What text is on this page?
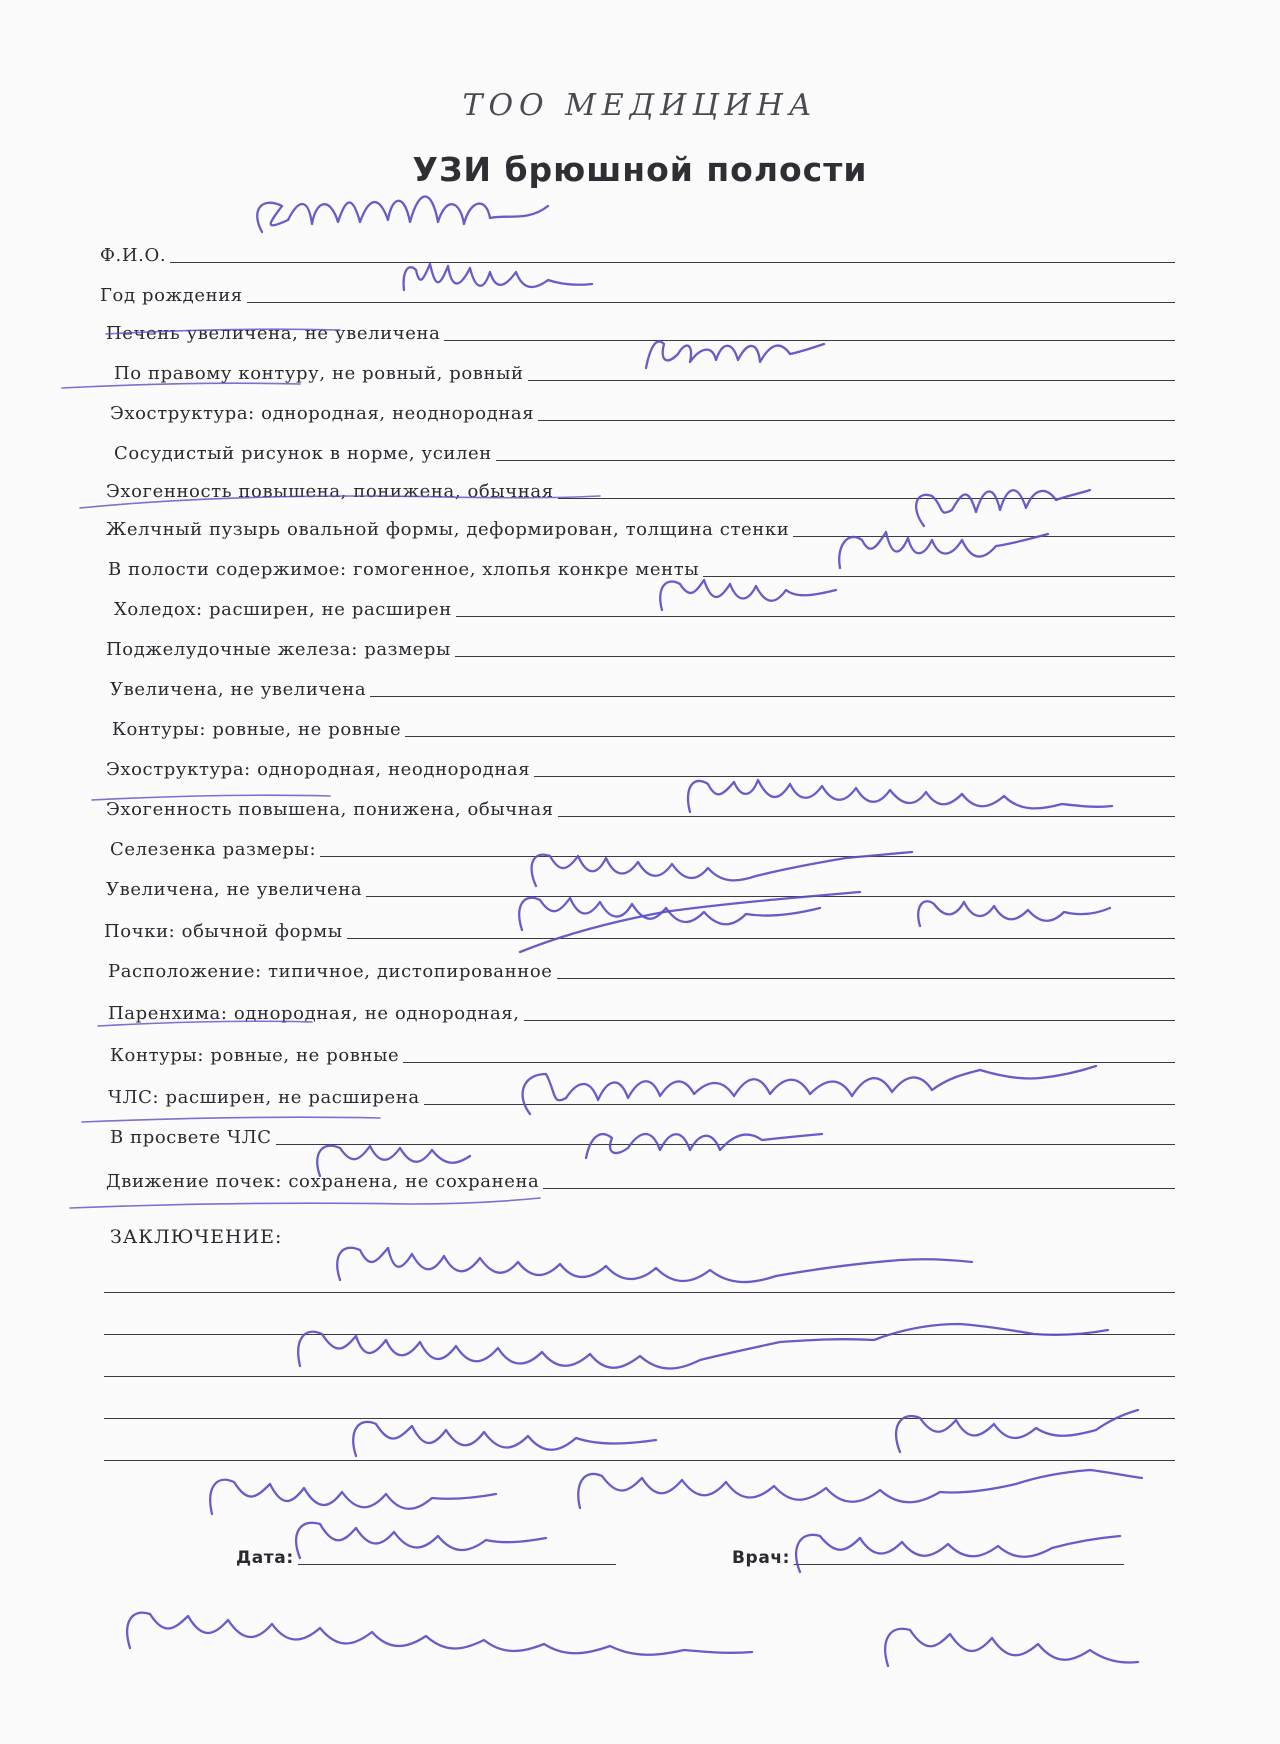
ТОО МЕДИЦИНА
УЗИ брюшной полости
Ф.И.О.
Год рождения
Печень увеличена, не увеличена
По правому контуру, не ровный, ровный
Эхоструктура: однородная, неоднородная
Сосудистый рисунок в норме, усилен
Эхогенность повышена, понижена, обычная
Желчный пузырь овальной формы, деформирован, толщина стенки
В полости содержимое: гомогенное, хлопья конкре менты
Холедох: расширен, не расширен
Поджелудочные железа: размеры
Увеличена, не увеличена
Контуры: ровные, не ровные
Эхоструктура: однородная, неоднородная
Эхогенность повышена, понижена, обычная
Селезенка размеры:
Увеличена, не увеличена
Почки: обычной формы
Расположение: типичное, дистопированное
Паренхима: однородная, не однородная,
Контуры: ровные, не ровные
ЧЛС: расширен, не расширена
В просвете ЧЛС
Движение почек: сохранена, не сохранена
ЗАКЛЮЧЕНИЕ:
Дата:	Врач:
